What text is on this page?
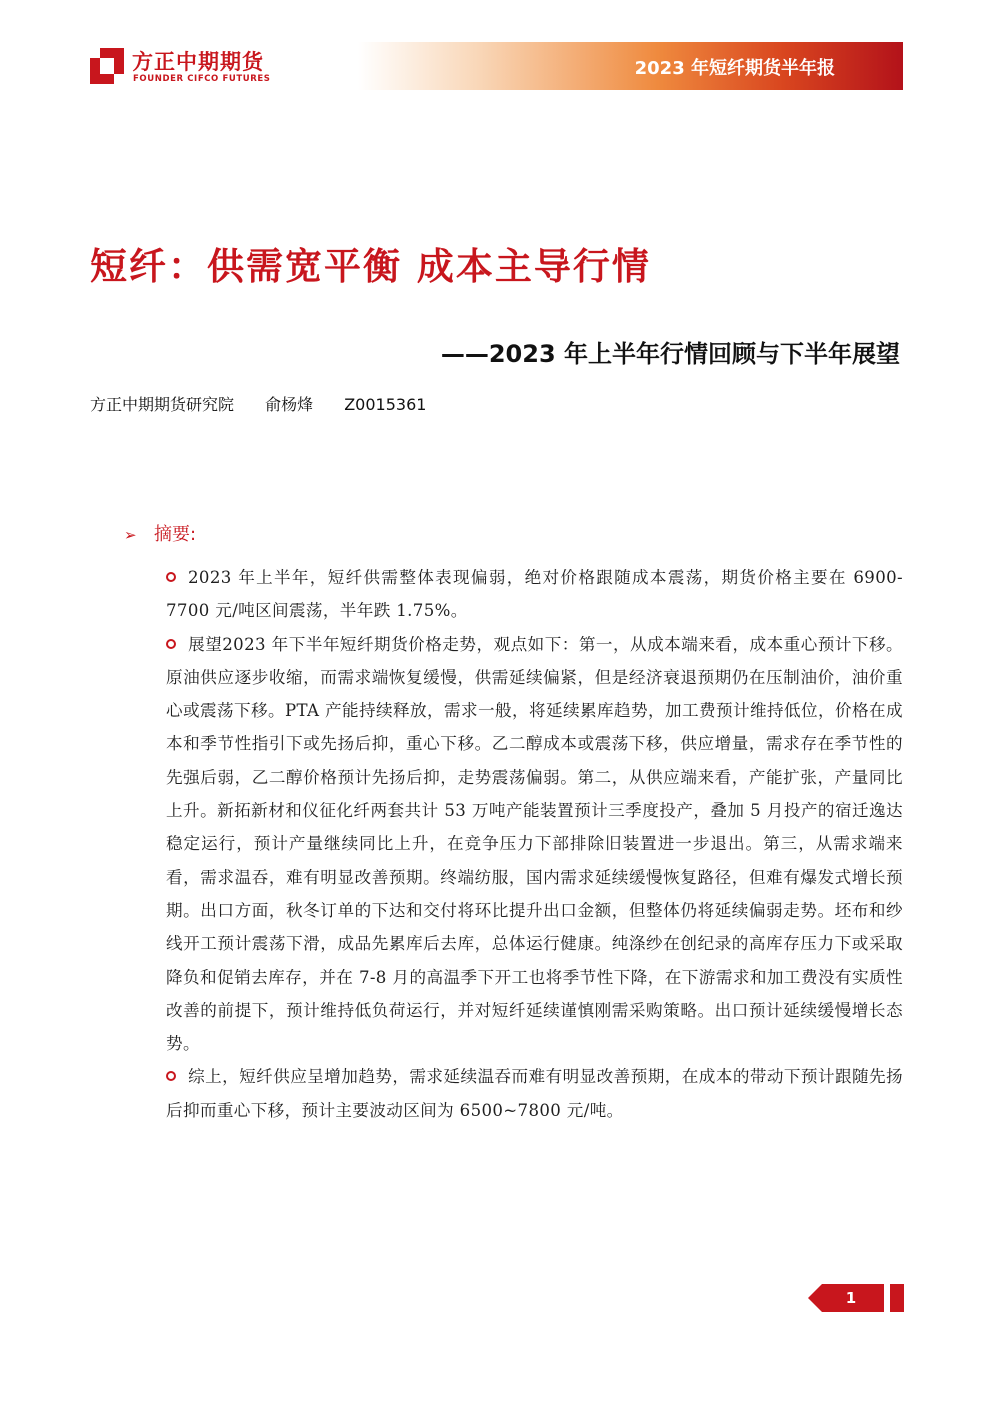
方正中期期货
FOUNDER CIFCO FUTURES	2023 年短纤期货半年报
短纤：供需宽平衡 成本主导行情
——2023 年上半年行情回顾与下半年展望
方正中期期货研究院 俞杨烽 Z0015361
➢ 摘要:

2023 年上半年，短纤供需整体表现偏弱，绝对价格跟随成本震荡，期货价格主要在 6900-7700 元/吨区间震荡，半年跌 1.75%。

展望2023 年下半年短纤期货价格走势，观点如下：第一，从成本端来看，成本重心预计下移。原油供应逐步收缩，而需求端恢复缓慢，供需延续偏紧，但是经济衰退预期仍在压制油价，油价重心或震荡下移。PTA 产能持续释放，需求一般，将延续累库趋势，加工费预计维持低位，价格在成本和季节性指引下或先扬后抑，重心下移。乙二醇成本或震荡下移，供应增量，需求存在季节性的先强后弱，乙二醇价格预计先扬后抑，走势震荡偏弱。第二，从供应端来看，产能扩张，产量同比上升。新拓新材和仪征化纤两套共计 53 万吨产能装置预计三季度投产，叠加 5 月投产的宿迁逸达稳定运行，预计产量继续同比上升，在竞争压力下部排除旧装置进一步退出。第三，从需求端来看，需求温吞，难有明显改善预期。终端纺服，国内需求延续缓慢恢复路径，但难有爆发式增长预期。出口方面，秋冬订单的下达和交付将环比提升出口金额，但整体仍将延续偏弱走势。坯布和纱线开工预计震荡下滑，成品先累库后去库，总体运行健康。纯涤纱在创纪录的高库存压力下或采取降负和促销去库存，并在 7-8 月的高温季下开工也将季节性下降，在下游需求和加工费没有实质性改善的前提下，预计维持低负荷运行，并对短纤延续谨慎刚需采购策略。出口预计延续缓慢增长态势。

综上，短纤供应呈增加趋势，需求延续温吞而难有明显改善预期，在成本的带动下预计跟随先扬后抑而重心下移，预计主要波动区间为 6500~7800 元/吨。

1
